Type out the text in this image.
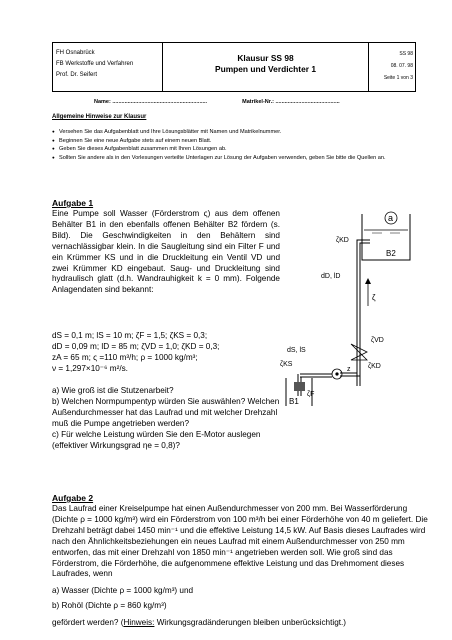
FH Osnabrück
FB Werkstoffe und Verfahren
Prof. Dr. Seifert
Klausur SS 98
Pumpen und Verdichter 1
SS 98
08. 07. 98
Seite 1 von 3
Name: ..............................................................	Matrikel-Nr.: ..........................................
Allgemeine Hinweise zur Klausur
● Versehen Sie das Aufgabenblatt und Ihre Lösungsblätter mit Namen und Matrikelnummer.
● Beginnen Sie eine neue Aufgabe stets auf einem neuen Blatt.
● Geben Sie dieses Aufgabenblatt zusammen mit Ihren Lösungen ab.
● Sollten Sie andere als in den Vorlesungen verteilte Unterlagen zur Lösung der Aufgaben verwenden, geben Sie bitte die Quellen an.
Aufgabe 1
Eine Pumpe soll Wasser (Förderstrom ς) aus dem offenen Behälter B1 in den ebenfalls offenen Behälter B2 fördern (s. Bild). Die Geschwindigkeiten in den Behältern sind vernachlässigbar klein. In die Saugleitung sind ein Filter F und ein Krümmer KS und in die Druckleitung ein Ventil VD und zwei Krümmer KD eingebaut. Saug- und Druckleitung sind hydraulisch glatt (d.h. Wandrauhigkeit k = 0 mm). Folgende Anlagendaten sind bekannt:
dS = 0,1 m; lS = 10 m; ζF = 1,5; ζKS = 0,3;
dD = 0,09 m; lD = 85 m; ζVD = 1,0; ζKD = 0,3;
zA = 65 m; ς =110 m³/h; ρ = 1000 kg/m³;
ν = 1,297×10⁻⁶ m²/s.
a) Wie groß ist die Stutzenarbeit?
b) Welchen Normpumpentyp würden Sie auswählen? Welchen Außendurchmesser hat das Laufrad und mit welcher Drehzahl muß die Pumpe angetrieben werden?
c) Für welche Leistung würden Sie den E-Motor auslegen (effektiver Wirkungsgrad ηe = 0,8)?
a
B2
ζKD
dD, lD
ζ
ζVD
ζKD
z
dS, lS
ζKS
ζF
B1
Aufgabe 2
Das Laufrad einer Kreiselpumpe hat einen Außendurchmesser von 200 mm. Bei Wasserförderung (Dichte ρ = 1000 kg/m³) wird ein Förderstrom von 100 m³/h bei einer Förderhöhe von 40 m geliefert. Die Drehzahl beträgt dabei 1450 min⁻¹ und die effektive Leistung 14,5 kW. Auf Basis dieses Laufrades wird nach den Ähnlichkeitsbeziehungen ein neues Laufrad mit einem Außendurchmesser von 250 mm entworfen, das mit einer Drehzahl von 1850 min⁻¹ angetrieben werden soll. Wie groß sind das Förderstrom, die Förderhöhe, die aufgenommene effektive Leistung und das Drehmoment dieses Laufrades, wenn
a) Wasser (Dichte ρ = 1000 kg/m³) und
b) Rohöl (Dichte ρ = 860 kg/m³)
gefördert werden? (Hinweis: Wirkungsgradänderungen bleiben unberücksichtigt.)
